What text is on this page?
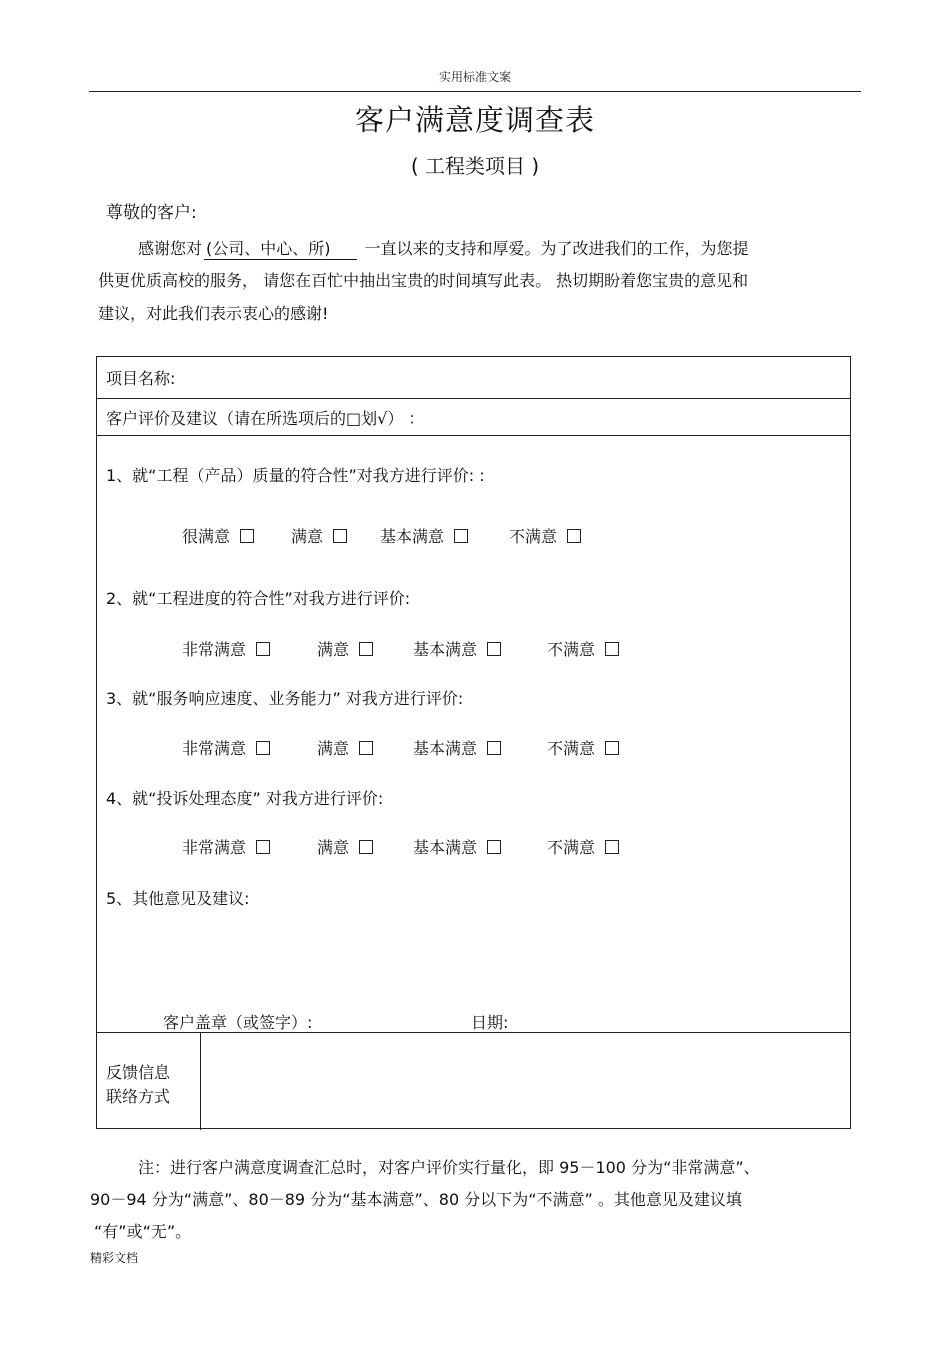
实用标准文案
客户满意度调查表
( 工程类项目 )
尊敬的客户:
感谢您对 (公司、中心、所) 一直以来的支持和厚爱。为了改进我们的工作，为您提
供更优质高校的服务， 请您在百忙中抽出宝贵的时间填写此表。 热切期盼着您宝贵的意见和
建议，对此我们表示衷心的感谢!
项目名称:
客户评价及建议（请在所选项后的□划√） ：
1、就“工程（产品）质量的符合性”对我方进行评价: :
很满意	满意	基本满意	不满意
2、就“工程进度的符合性”对我方进行评价:
非常满意	满意	基本满意	不满意
3、就“服务响应速度、业务能力” 对我方进行评价:
非常满意	满意	基本满意	不满意
4、就“投诉处理态度” 对我方进行评价:
非常满意	满意	基本满意	不满意
5、其他意见及建议:
客户盖章（或签字）:	日期:
反馈信息
联络方式
注：进行客户满意度调查汇总时，对客户评价实行量化，即 95－100 分为“非常满意”、
90－94 分为“满意”、80－89 分为“基本满意”、80 分以下为“不满意” 。其他意见及建议填
“有”或“无”。
精彩文档
